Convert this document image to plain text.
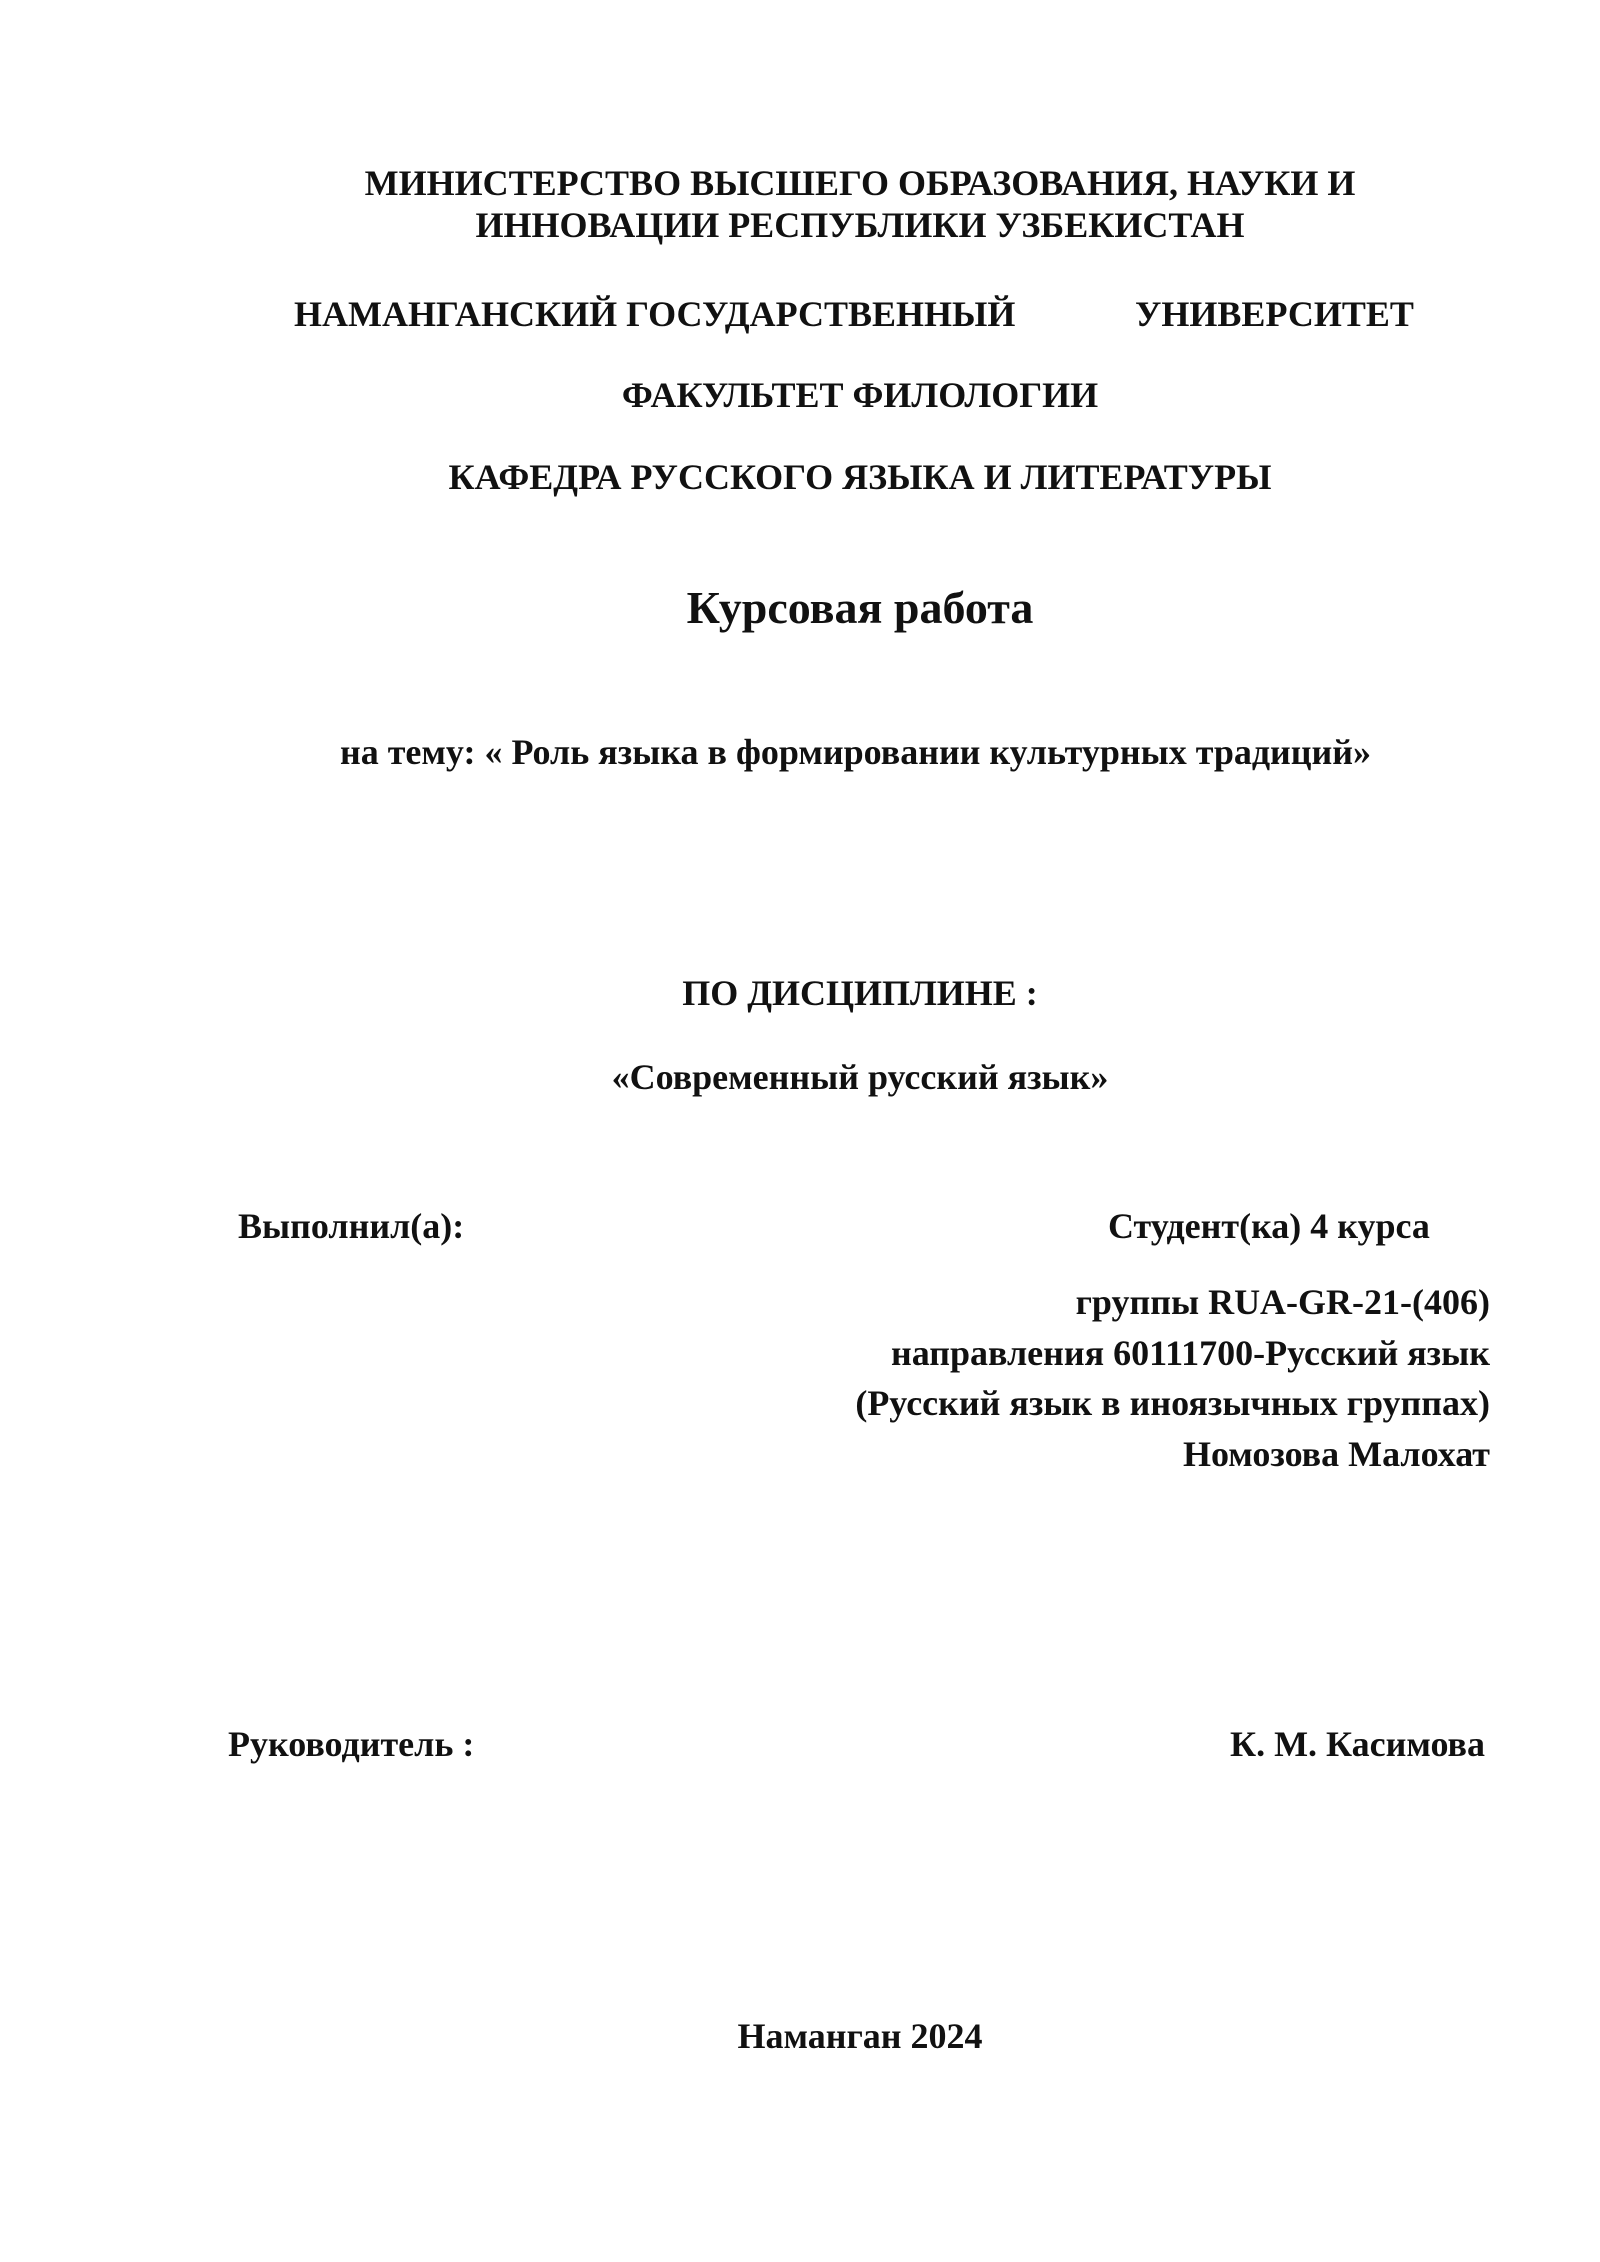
МИНИСТЕРСТВО ВЫСШЕГО ОБРАЗОВАНИЯ, НАУКИ И
ИННОВАЦИИ РЕСПУБЛИКИ УЗБЕКИСТАН
НАМАНГАНСКИЙ ГОСУДАРСТВЕННЫЙ	УНИВЕРСИТЕТ
ФАКУЛЬТЕТ ФИЛОЛОГИИ
КАФЕДРА РУССКОГО ЯЗЫКА И ЛИТЕРАТУРЫ
Курсовая работа
на тему: « Роль языка в формировании культурных традиций»
ПО ДИСЦИПЛИНЕ :
«Современный русский язык»
Выполнил(а):	Студент(ка) 4 курса
группы RUA-GR-21-(406)
направления 60111700-Русский язык
(Русский язык в иноязычных группах)
Номозова Малохат
Руководитель :	К. М. Касимова
Наманган 2024
